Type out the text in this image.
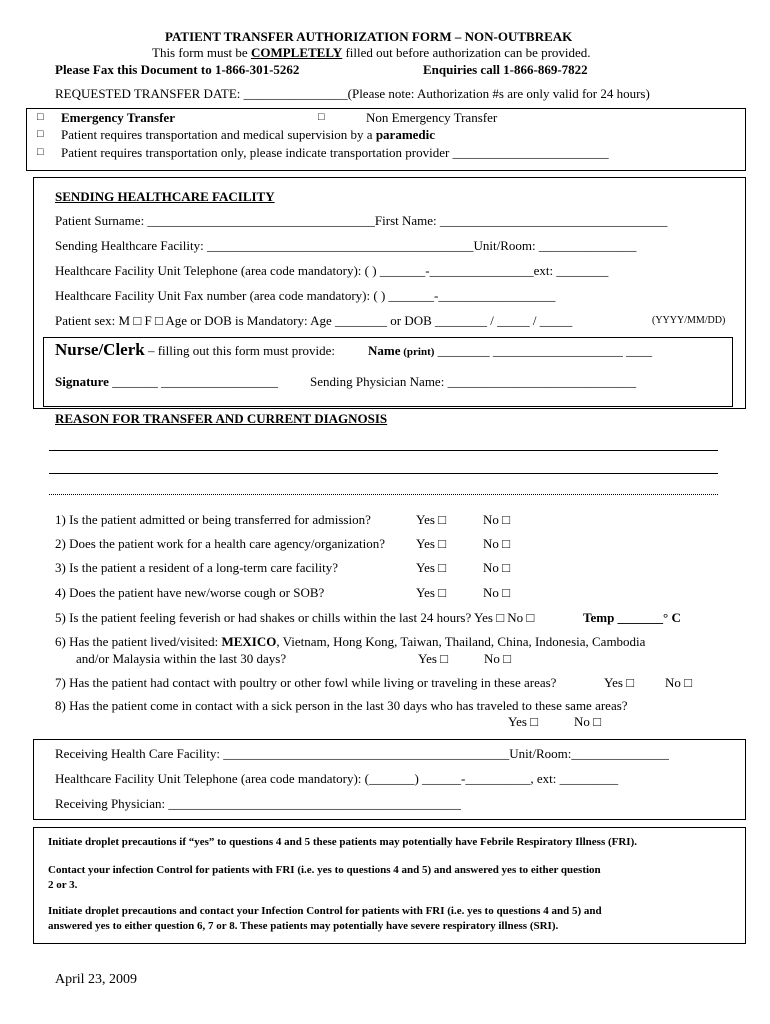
PATIENT TRANSFER AUTHORIZATION FORM – NON-OUTBREAK
This form must be COMPLETELY filled out before authorization can be provided.
Please Fax this Document to 1-866-301-5262	Enquiries call 1-866-869-7822
REQUESTED TRANSFER DATE: ________________(Please note: Authorization #s are only valid for 24 hours)
□ Emergency Transfer	□	Non Emergency Transfer
□ Patient requires transportation and medical supervision by a paramedic
□ Patient requires transportation only, please indicate transportation provider ________________________
SENDING HEALTHCARE FACILITY
Patient Surname: ___________________________________First Name: ___________________________________
Sending Healthcare Facility: _________________________________________Unit/Room: _______________
Healthcare Facility Unit Telephone (area code mandatory): ( ) _______-________________ext: ________
Healthcare Facility Unit Fax number (area code mandatory): ( ) _______-__________________
Patient sex: M □ F □ Age or DOB is Mandatory: Age ________ or DOB ________ / _____ / _____	(YYYY/MM/DD)
Nurse/Clerk – filling out this form must provide:	Name (print) ________ ____________________ ____
Signature _______ __________________ Sending Physician Name: _____________________________
REASON FOR TRANSFER AND CURRENT DIAGNOSIS
1) Is the patient admitted or being transferred for admission?	Yes □	No □
2) Does the patient work for a health care agency/organization? Yes □	No □
3) Is the patient a resident of a long-term care facility?	Yes □	No □
4) Does the patient have new/worse cough or SOB?	Yes □	No □
5) Is the patient feeling feverish or had shakes or chills within the last 24 hours? Yes □ No □	Temp _______° C
6) Has the patient lived/visited: MEXICO, Vietnam, Hong Kong, Taiwan, Thailand, China, Indonesia, Cambodia
and/or Malaysia within the last 30 days?	Yes □	No □
7) Has the patient had contact with poultry or other fowl while living or traveling in these areas?	Yes □ No □
8) Has the patient come in contact with a sick person in the last 30 days who has traveled to these same areas?
Yes □	No □
Receiving Health Care Facility: ____________________________________________Unit/Room:_______________
Healthcare Facility Unit Telephone (area code mandatory): (_______) ______-__________, ext: _________
Receiving Physician: _____________________________________________
Initiate droplet precautions if “yes” to questions 4 and 5 these patients may potentially have Febrile Respiratory Illness (FRI).
Contact your infection Control for patients with FRI (i.e. yes to questions 4 and 5) and answered yes to either question
2 or 3.
Initiate droplet precautions and contact your Infection Control for patients with FRI (i.e. yes to questions 4 and 5) and
answered yes to either question 6, 7 or 8. These patients may potentially have severe respiratory illness (SRI).
April 23, 2009
